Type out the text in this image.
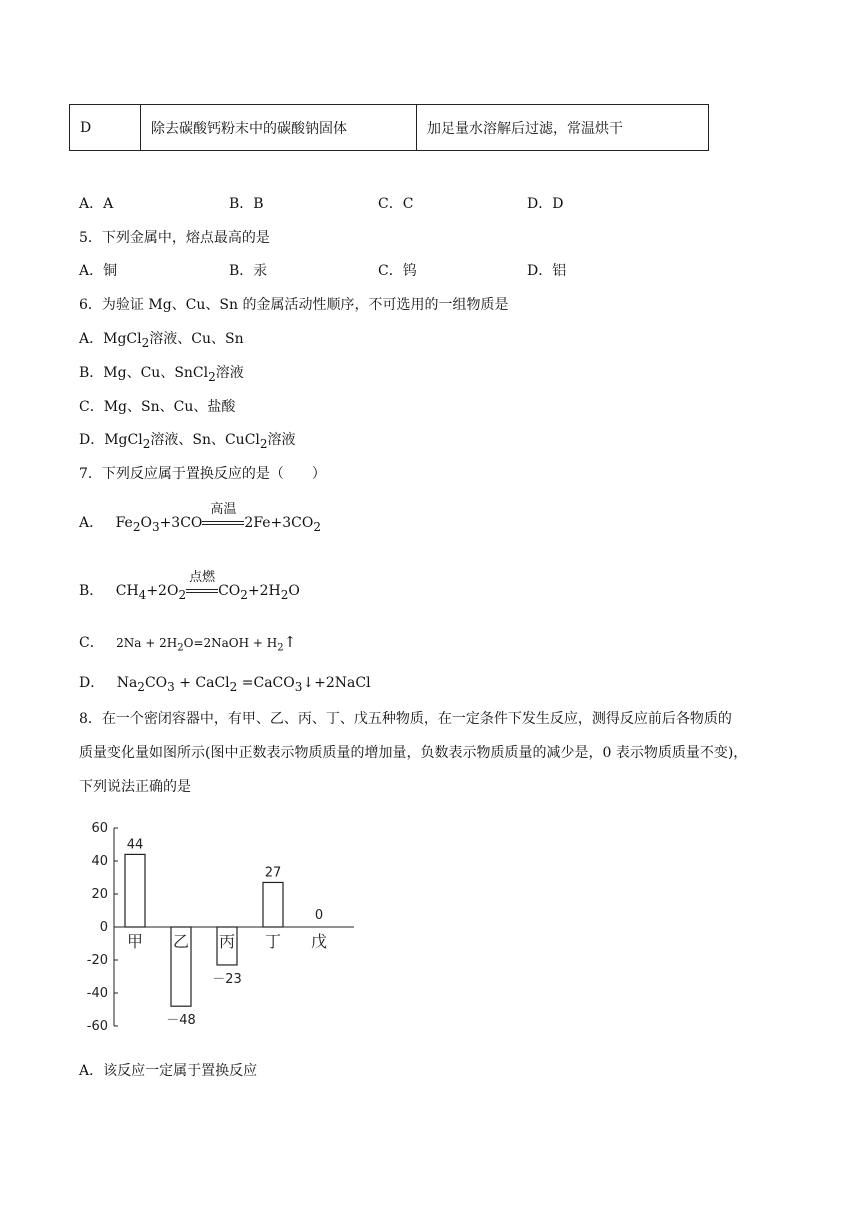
D	除去碳酸钙粉末中的碳酸钠固体	加足量水溶解后过滤，常温烘干
A．A	B．B	C．C	D．D
5．下列金属中，熔点最高的是
A．铜	B．汞	C．钨	D．铝
6．为验证 Mg、Cu、Sn 的金属活动性顺序，不可选用的一组物质是
A．MgCl$_2$溶液、Cu、Sn
B．Mg、Cu、SnCl$_2$溶液
C．Mg、Sn、Cu、盐酸
D．MgCl$_2$溶液、Sn、CuCl$_2$溶液
7．下列反应属于置换反应的是（　　）
A． $Fe_2O_3+3CO$
高温
$2Fe+3CO_2$
B． $CH_4+2O_2$
点燃
$CO_2+2H_2O$
C． $2Na + 2H_2O=2NaOH$ + $H_2↑$
D． $Na_2CO_3$ + CaCl$_2$ =CaCO$_3$↓+2NaCl
8．在一个密闭容器中，有甲、乙、丙、丁、戊五种物质，在一定条件下发生反应，测得反应前后各物质的
质量变化量如图所示(图中正数表示物质质量的增加量，负数表示物质质量的减少是，0 表示物质质量不变)，
下列说法正确的是
60
40
20
0
-20
-40
-60
甲
44
乙
－48
丙
－23
丁
27
戊
0
A．该反应一定属于置换反应
